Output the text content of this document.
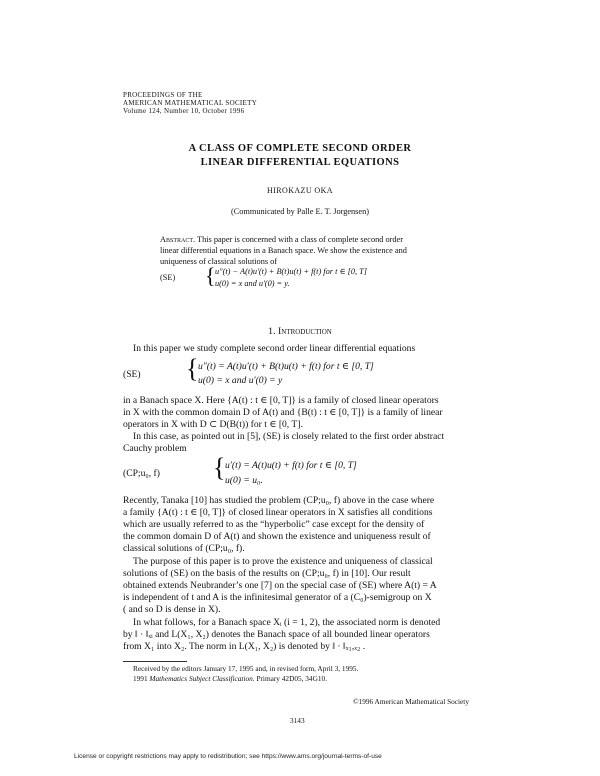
PROCEEDINGS OF THE
AMERICAN MATHEMATICAL SOCIETY
Volume 124, Number 10, October 1996
A CLASS OF COMPLETE SECOND ORDER
LINEAR DIFFERENTIAL EQUATIONS
HIROKAZU OKA
(Communicated by Palle E. T. Jorgensen)
Abstract. This paper is concerned with a class of complete second order
linear differential equations in a Banach space. We show the existence and
uniqueness of classical solutions of
(SE) { u″(t) − A(t)u′(t) + B(t)u(t) + f(t) for t ∈ [0, T]
u(0) = x and u′(0) = y.
1. Introduction
In this paper we study complete second order linear differential equations
(SE) { u″(t) = A(t)u′(t) + B(t)u(t) + f(t) for t ∈ [0, T]
u(0) = x and u′(0) = y
in a Banach space X. Here {A(t) : t ∈ [0, T]} is a family of closed linear operators
in X with the common domain D of A(t) and {B(t) : t ∈ [0, T]} is a family of linear
operators in X with D ⊂ D(B(t)) for t ∈ [0, T].
In this case, as pointed out in [5], (SE) is closely related to the first order abstract
Cauchy problem
(CP;u₀, f) { u′(t) = A(t)u(t) + f(t) for t ∈ [0, T]
u(0) = u₀.
Recently, Tanaka [10] has studied the problem (CP;u₀, f) above in the case where
a family {A(t) : t ∈ [0, T]} of closed linear operators in X satisfies all conditions
which are usually referred to as the “hyperbolic” case except for the density of
the common domain D of A(t) and shown the existence and uniqueness result of
classical solutions of (CP;u₀, f).
The purpose of this paper is to prove the existence and uniqueness of classical
solutions of (SE) on the basis of the results on (CP;u₀, f) in [10]. Our result
obtained extends Neubrander’s one [7] on the special case of (SE) where A(t) = A
is independent of t and A is the infinitesimal generator of a (C₀)-semigroup on X
( and so D is dense in X).
In what follows, for a Banach space Xᵢ (i = 1, 2), the associated norm is denoted
by ‖ · ‖ₓᵢ and L(X₁, X₂) denotes the Banach space of all bounded linear operators
from X₁ into X₂. The norm in L(X₁, X₂) is denoted by ‖ · ‖ₓ₁,ₓ₂ .
Received by the editors January 17, 1995 and, in revised form, April 3, 1995.
1991 Mathematics Subject Classification. Primary 42D05, 34G10.
©1996 American Mathematical Society
3143
License or copyright restrictions may apply to redistribution; see https://www.ams.org/journal-terms-of-use
